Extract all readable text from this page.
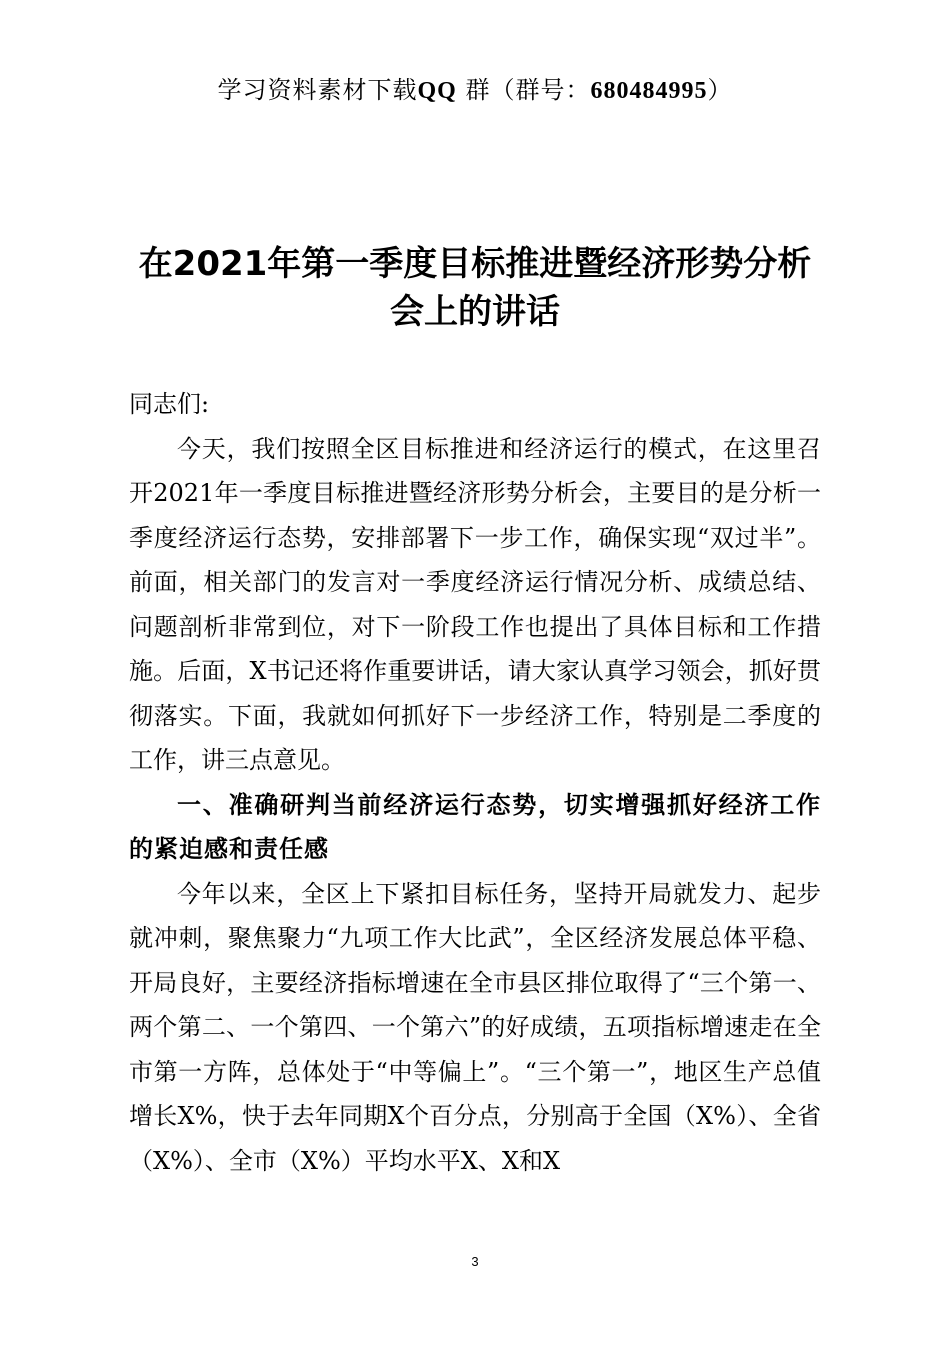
学习资料素材下载QQ 群（群号：680484995）
在2021年第一季度目标推进暨经济形势分析
会上的讲话

同志们:

今天，我们按照全区目标推进和经济运行的模式，在这里召开2021年一季度目标推进暨经济形势分析会，主要目的是分析一季度经济运行态势，安排部署下一步工作，确保实现“双过半”。前面，相关部门的发言对一季度经济运行情况分析、成绩总结、问题剖析非常到位，对下一阶段工作也提出了具体目标和工作措施。后面，X书记还将作重要讲话，请大家认真学习领会，抓好贯彻落实。下面，我就如何抓好下一步经济工作，特别是二季度的工作，讲三点意见。

一、准确研判当前经济运行态势，切实增强抓好经济工作的紧迫感和责任感

今年以来，全区上下紧扣目标任务，坚持开局就发力、起步就冲刺，聚焦聚力“九项工作大比武”，全区经济发展总体平稳、开局良好，主要经济指标增速在全市县区排位取得了“三个第一、两个第二、一个第四、一个第六”的好成绩，五项指标增速走在全市第一方阵，总体处于“中等偏上”。“三个第一”，地区生产总值增长X%，快于去年同期X个百分点，分别高于全国（X%）、全省（X%）、全市（X%）平均水平X、X和X

3
